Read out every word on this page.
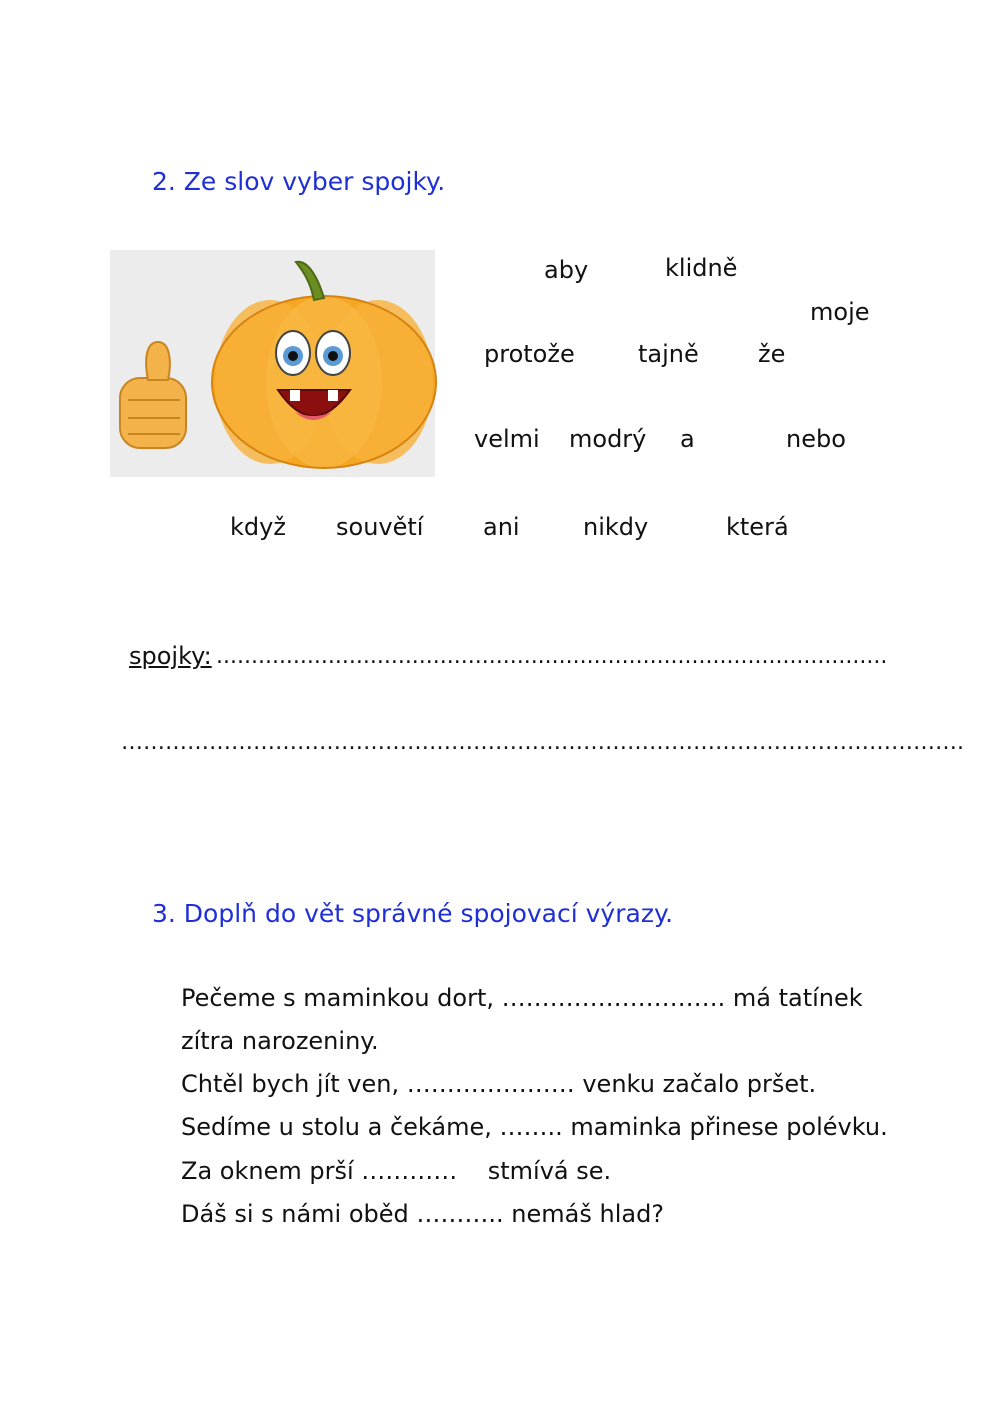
2. Ze slov vyber spojky.
aby	klidně
moje
protože	tajně že
velmi modrý a	nebo
když souvětí ani	nikdy	která
spojky: ................................................................................................
…………………………………………………………………………………………………….
3. Doplň do vět správné spojovací výrazy.
Pečeme s maminkou dort, ………………………. má tatínek
zítra narozeniny.
Chtěl bych jít ven, ………………… venku začalo pršet.
Sedíme u stolu a čekáme, …….. maminka přinese polévku.
Za oknem prší …………    stmívá se.
Dáš si s námi oběd ……….. nemáš hlad?
